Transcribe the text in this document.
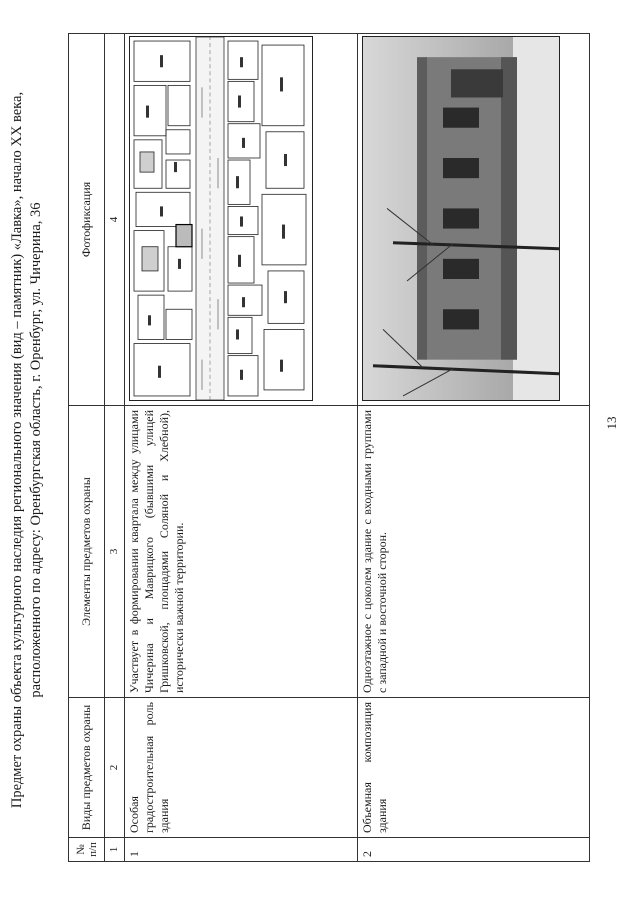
13
Предмет охраны объекта культурного наследия регионального значения (вид – памятник) «Лавка», начало XX века, расположенного по адресу: Оренбургская область, г. Оренбург, ул. Чичерина, 36
№ п/п	Виды предметов охраны	Элементы предметов охраны	Фотофиксация
1	2	3	4
1	Особая градостроительная роль здания	Участвует в формировании квартала между улицами Чичерина и Маврицкого (бывшими улицей Гришковской, площадями Соляной и Хлебной), исторически важной территории.	

2	Объемная композиция здания	Одноэтажное с цоколем здание с входными группами с западной и восточной сторон.	
